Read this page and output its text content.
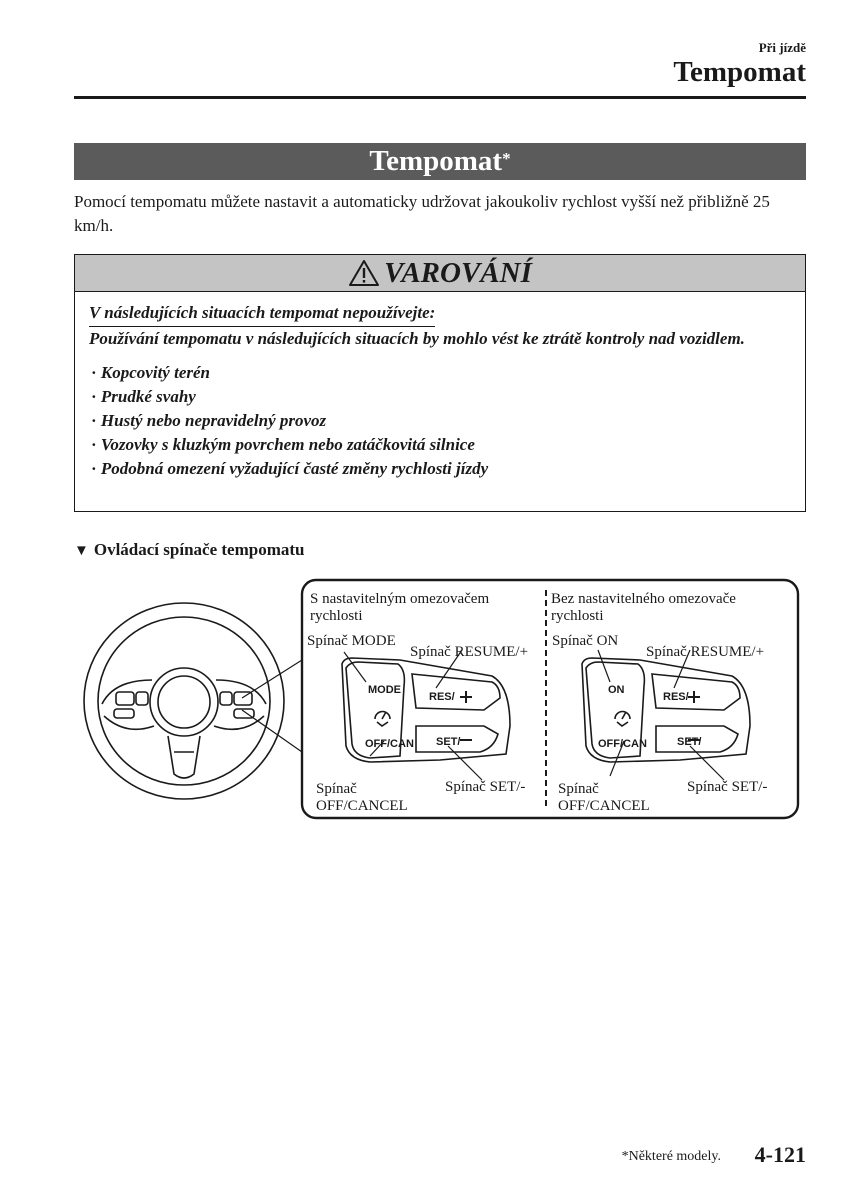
Při jízdě
Tempomat
Tempomat*
Pomocí tempomatu můžete nastavit a automaticky udržovat jakoukoliv rychlost vyšší než přibližně 25 km/h.
VAROVÁNÍ
V následujících situacích tempomat nepoužívejte:
Používání tempomatu v následujících situacích by mohlo vést ke ztrátě kontroly nad vozidlem.
· Kopcovitý terén
· Prudké svahy
· Hustý nebo nepravidelný provoz
· Vozovky s kluzkým povrchem nebo zatáčkovitá silnice
· Podobná omezení vyžadující časté změny rychlosti jízdy
▼ Ovládací spínače tempomatu
MODE
OFF/CAN
RES/
SET/
ON
OFF/CAN
RES/
SET/
S nastavitelným omezovačem rychlosti
Spínač MODE
Spínač RESUME/+
Spínač
OFF/CANCEL
Spínač SET/-
Bez nastavitelného omezovače
rychlosti
Spínač ON
Spínač RESUME/+
Spínač
OFF/CANCEL
Spínač SET/-
*Některé modely. 4-121
